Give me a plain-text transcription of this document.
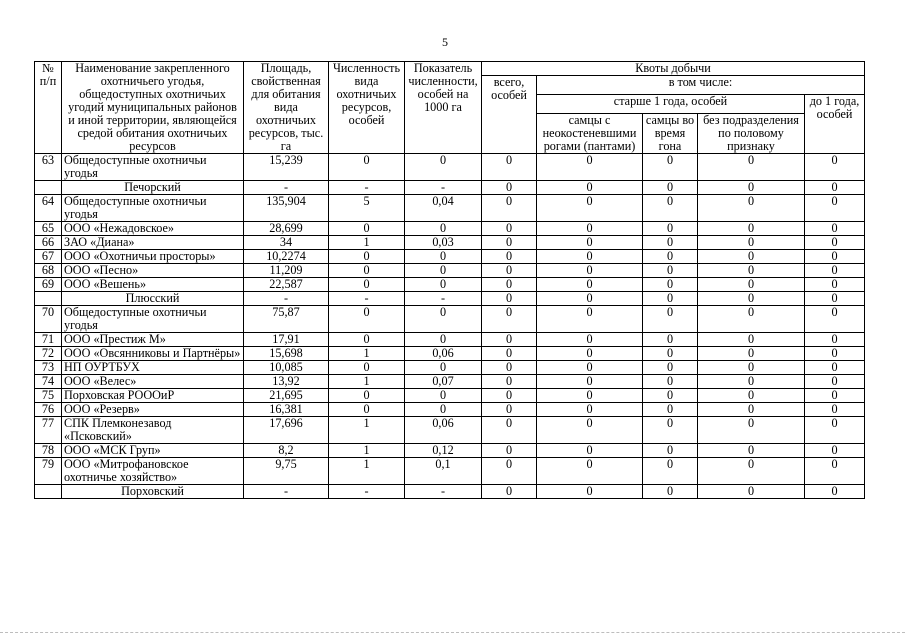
5
№ п/п	Наименование закрепленного охотничьего угодья, общедоступных охотничьих угодий муниципальных районов и иной территории, являющейся средой обитания охотничьих ресурсов	Площадь, свойственная для обитания вида охотничьих ресурсов, тыс. га	Численность вида охотничьих ресурсов, особей	Показатель численности, особей на 1000 га	Квоты добычи				
					всего, особей	в том числе:			
						старше 1 года, особей			до 1 года, особей
						самцы с неокостеневшими рогами (пантами)	самцы во время гона	без подразделения по половому признаку	
63	Общедоступные охотничьи угодья	15,239	0	0	0	0	0	0	0
	Печорский	-	-	-	0	0	0	0	0
64	Общедоступные охотничьи угодья	135,904	5	0,04	0	0	0	0	0
65	ООО «Нежадовское»	28,699	0	0	0	0	0	0	0
66	ЗАО «Диана»	34	1	0,03	0	0	0	0	0
67	ООО «Охотничьи просторы»	10,2274	0	0	0	0	0	0	0
68	ООО «Песно»	11,209	0	0	0	0	0	0	0
69	ООО «Вешень»	22,587	0	0	0	0	0	0	0
	Плюсский	-	-	-	0	0	0	0	0
70	Общедоступные охотничьи угодья	75,87	0	0	0	0	0	0	0
71	ООО «Престиж М»	17,91	0	0	0	0	0	0	0
72	ООО «Овсянниковы и Партнёры»	15,698	1	0,06	0	0	0	0	0
73	НП ОУРТБУХ	10,085	0	0	0	0	0	0	0
74	ООО «Велес»	13,92	1	0,07	0	0	0	0	0
75	Порховская РОООиР	21,695	0	0	0	0	0	0	0
76	ООО «Резерв»	16,381	0	0	0	0	0	0	0
77	СПК Племконезавод «Псковский»	17,696	1	0,06	0	0	0	0	0
78	ООО «МСК Груп»	8,2	1	0,12	0	0	0	0	0
79	ООО «Митрофановское охотничье хозяйство»	9,75	1	0,1	0	0	0	0	0
	Порховский	-	-	-	0	0	0	0	0
